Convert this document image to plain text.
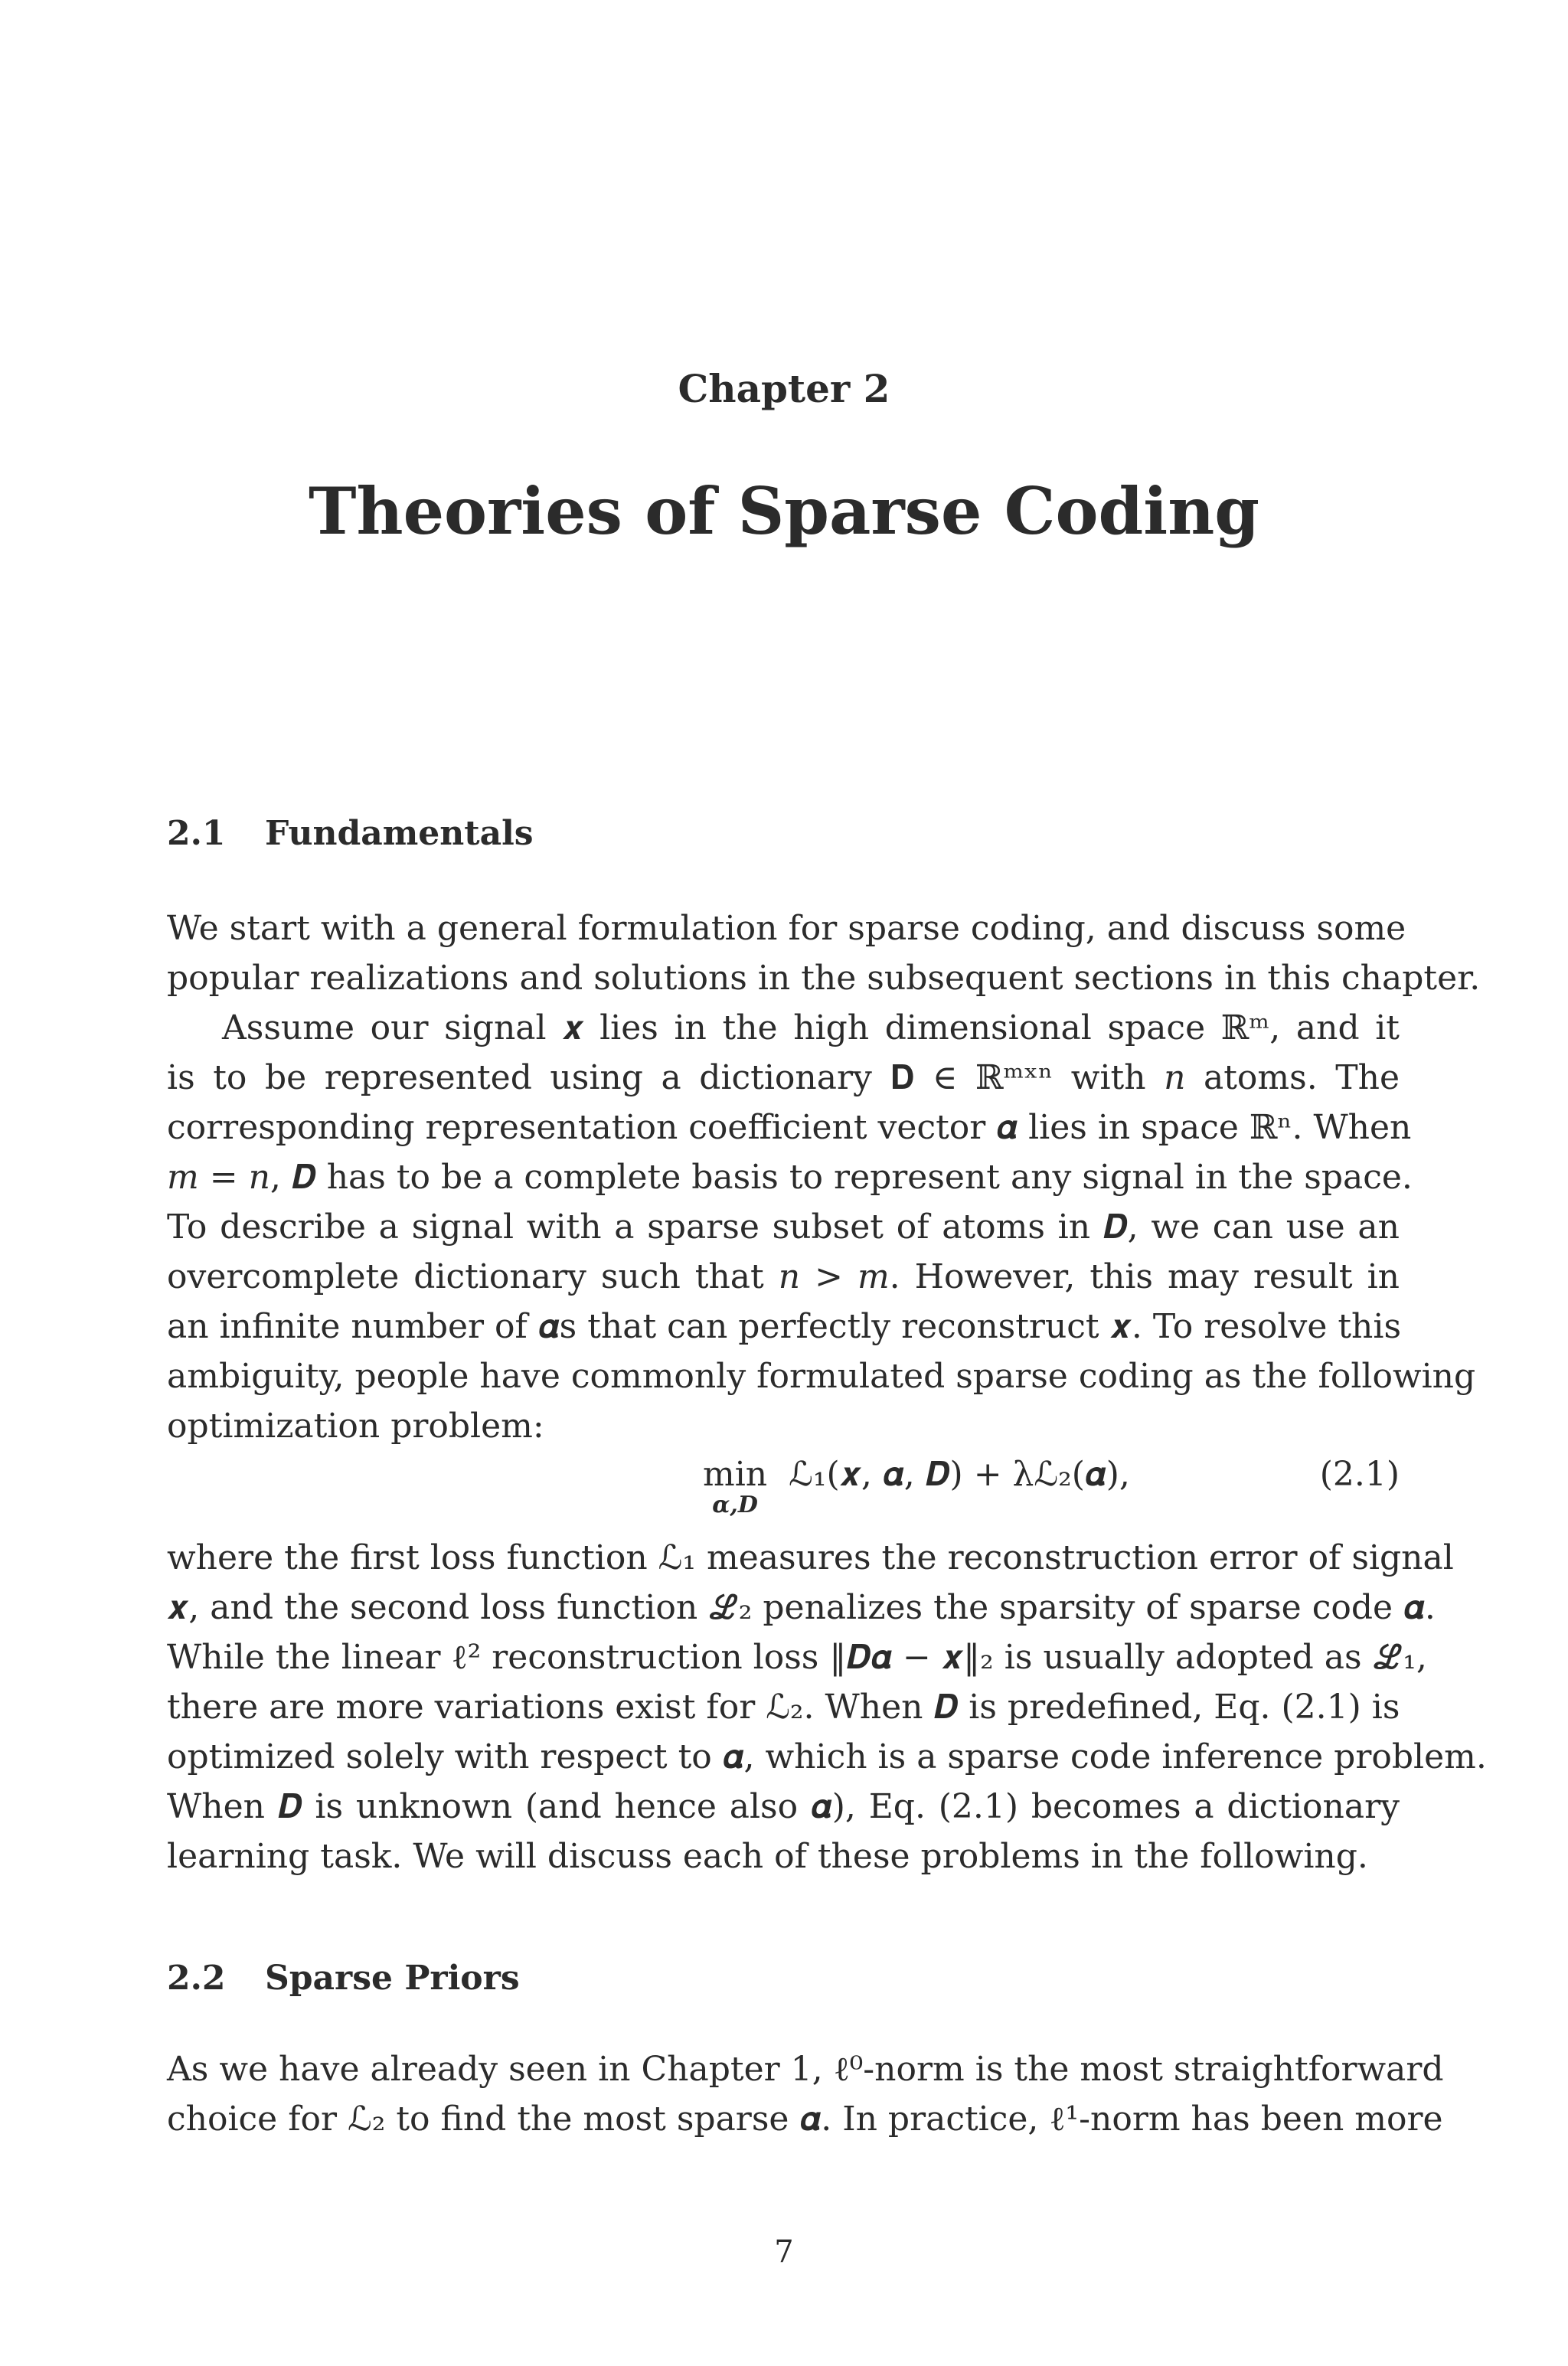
Chapter 2
Theories of Sparse Coding
2.1 Fundamentals
We start with a general formulation for sparse coding, and discuss some
popular realizations and solutions in the subsequent sections in this chapter.
Assume our signal 𝒙 lies in the high dimensional space ℝᵐ, and it
is to be represented using a dictionary 𝐃 ∈ ℝᵐˣⁿ with 𝑛 atoms. The
corresponding representation coefficient vector 𝜶 lies in space ℝⁿ. When
𝑚 = 𝑛, 𝑫 has to be a complete basis to represent any signal in the space.
To describe a signal with a sparse subset of atoms in 𝑫, we can use an
overcomplete dictionary such that 𝑛 > 𝑚. However, this may result in
an infinite number of 𝜶s that can perfectly reconstruct 𝒙. To resolve this
ambiguity, people have commonly formulated sparse coding as the following
optimization problem:
min
α,D
ℒ₁(𝒙, 𝜶, 𝑫) + λℒ₂(𝜶),	(2.1)
where the first loss function ℒ₁ measures the reconstruction error of signal
𝒙, and the second loss function ℒ₂ penalizes the sparsity of sparse code 𝜶.
While the linear ℓ² reconstruction loss ‖𝑫𝜶 − 𝒙‖₂ is usually adopted as ℒ₁,
there are more variations exist for ℒ₂. When 𝑫 is predefined, Eq. (2.1) is
optimized solely with respect to 𝜶, which is a sparse code inference problem.
When 𝑫 is unknown (and hence also 𝜶), Eq. (2.1) becomes a dictionary
learning task. We will discuss each of these problems in the following.
2.2 Sparse Priors
As we have already seen in Chapter 1, ℓ⁰-norm is the most straightforward
choice for ℒ₂ to find the most sparse 𝜶. In practice, ℓ¹-norm has been more
7
